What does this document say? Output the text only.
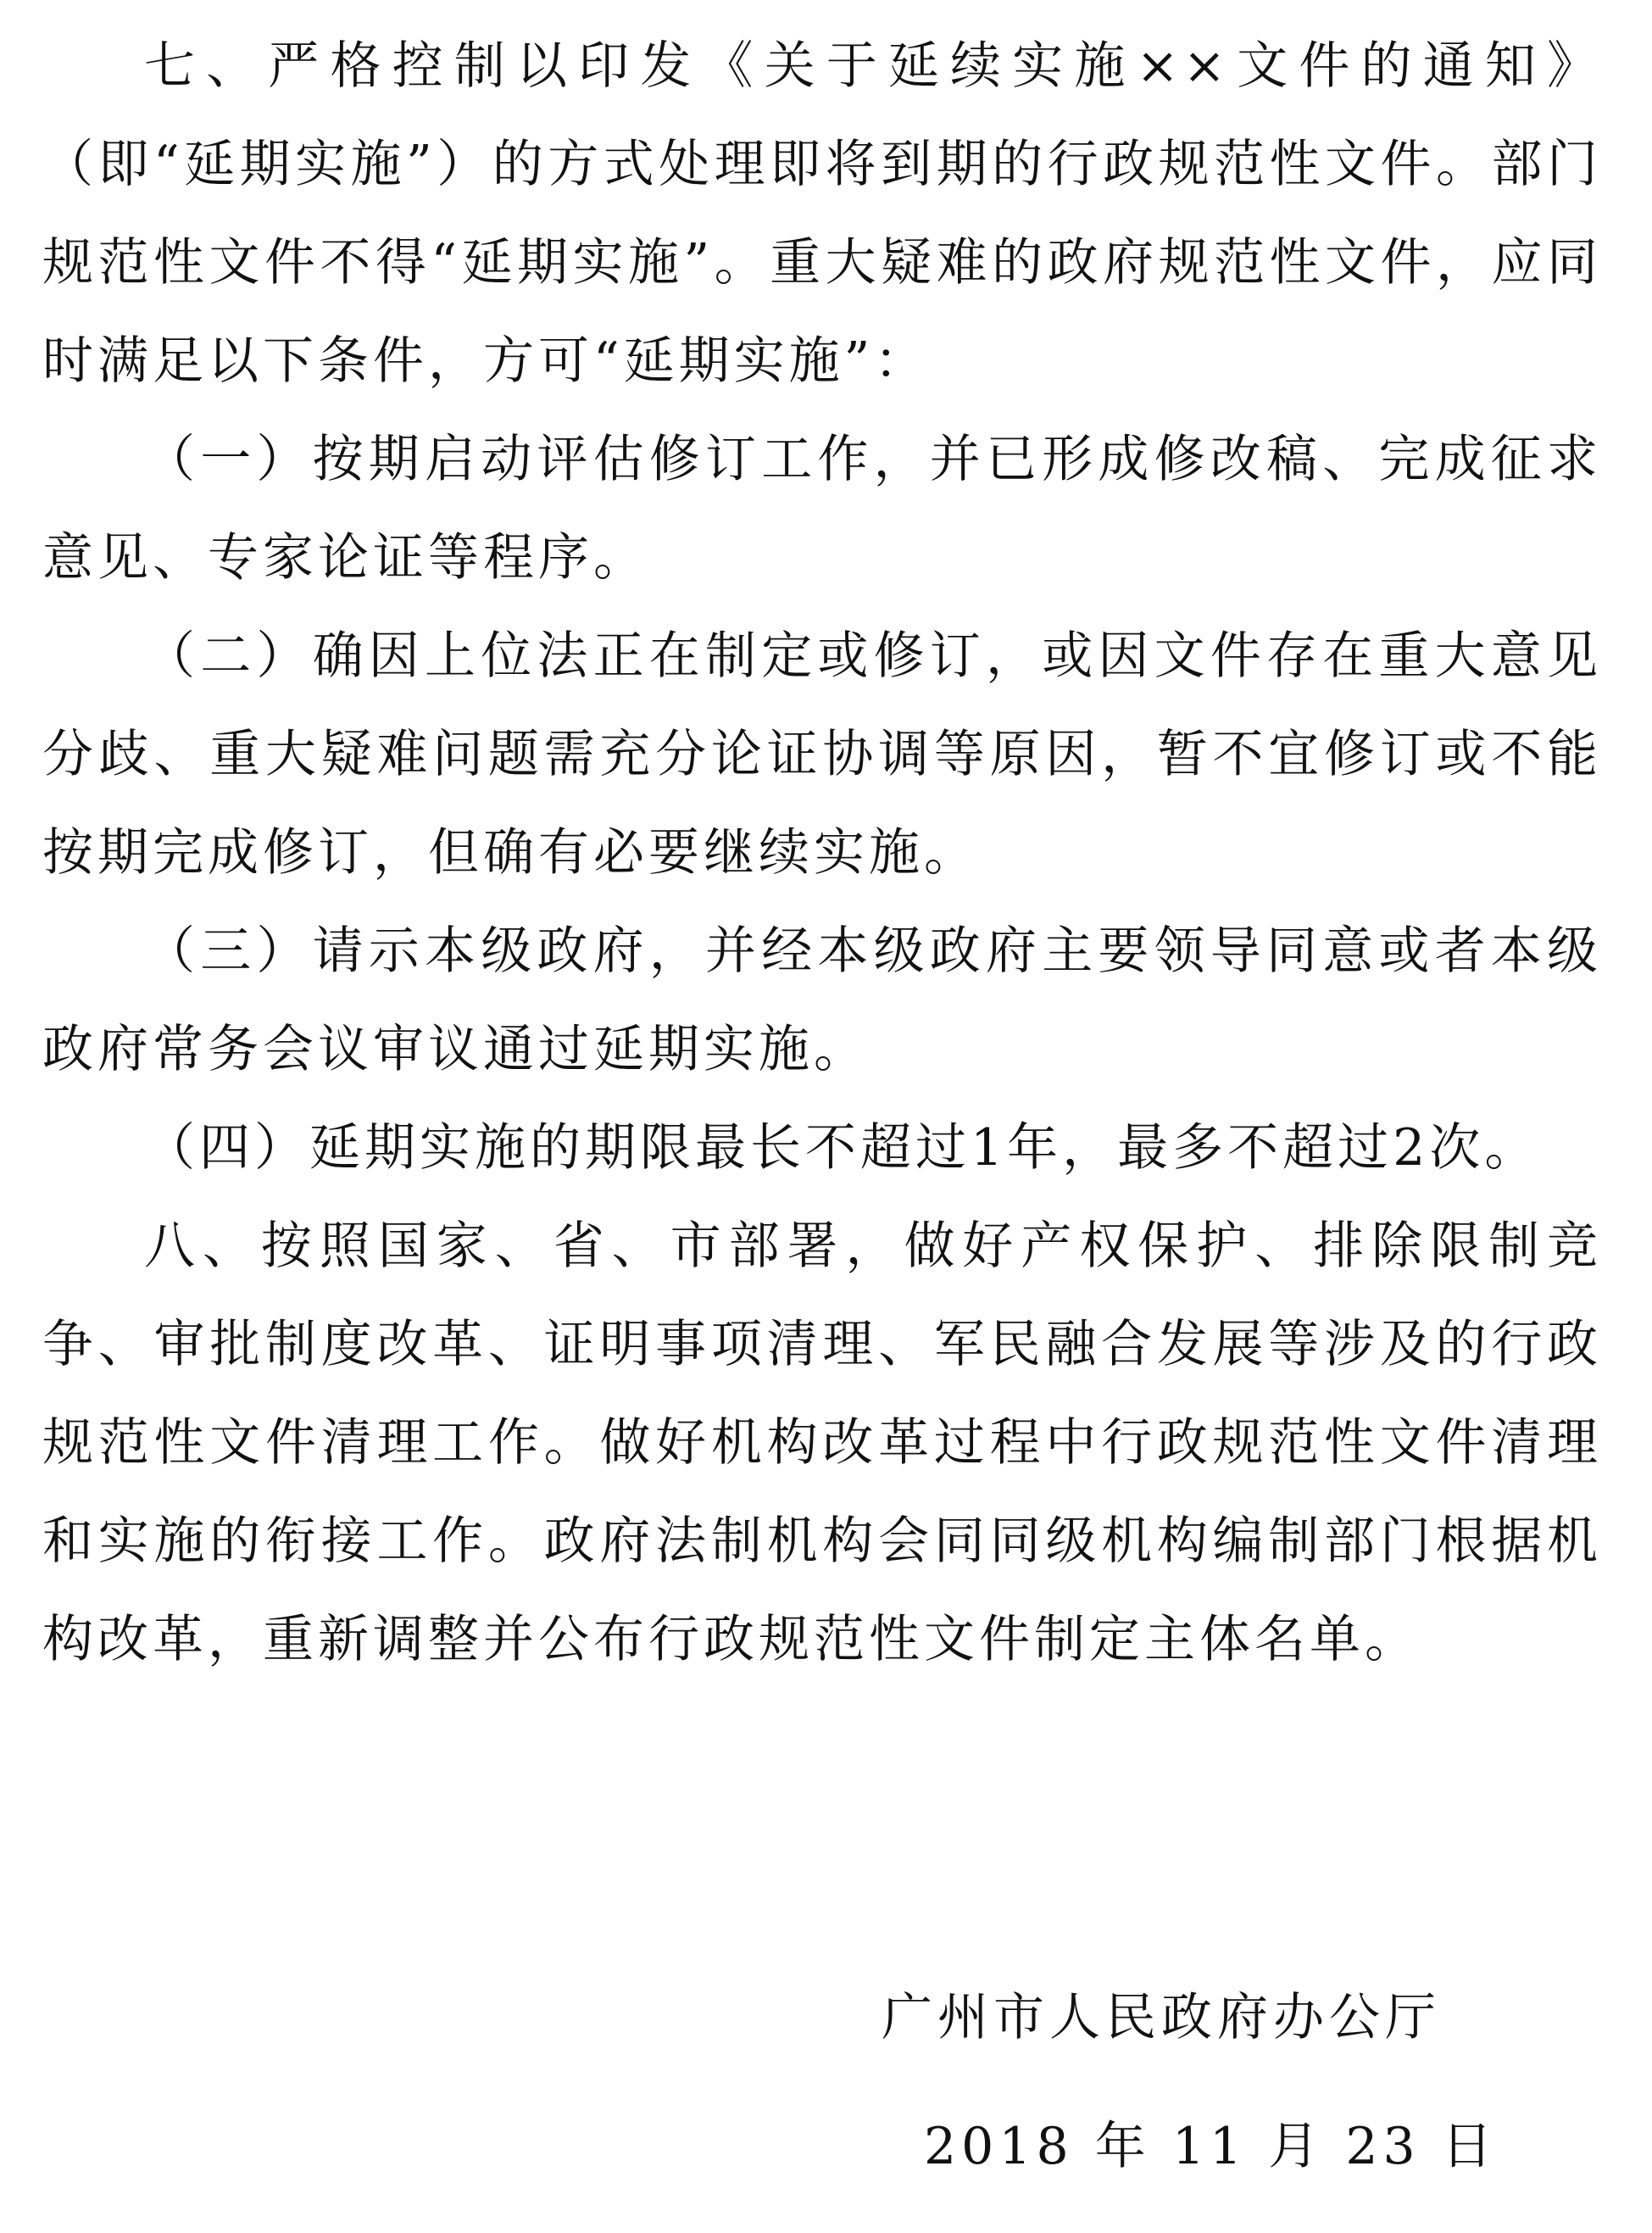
七、严格控制以印发《关于延续实施××文件的通知》（即“延期实施”）的方式处理即将到期的行政规范性文件。部门规范性文件不得“延期实施”。重大疑难的政府规范性文件，应同时满足以下条件，方可“延期实施”：

（一）按期启动评估修订工作，并已形成修改稿、完成征求意见、专家论证等程序。

（二）确因上位法正在制定或修订，或因文件存在重大意见分歧、重大疑难问题需充分论证协调等原因，暂不宜修订或不能按期完成修订，但确有必要继续实施。

（三）请示本级政府，并经本级政府主要领导同意或者本级政府常务会议审议通过延期实施。

（四）延期实施的期限最长不超过1年，最多不超过2次。

八、按照国家、省、市部署，做好产权保护、排除限制竞争、审批制度改革、证明事项清理、军民融合发展等涉及的行政规范性文件清理工作。做好机构改革过程中行政规范性文件清理和实施的衔接工作。政府法制机构会同同级机构编制部门根据机构改革，重新调整并公布行政规范性文件制定主体名单。

广州市人民政府办公厅
2018 年 11 月 23 日
